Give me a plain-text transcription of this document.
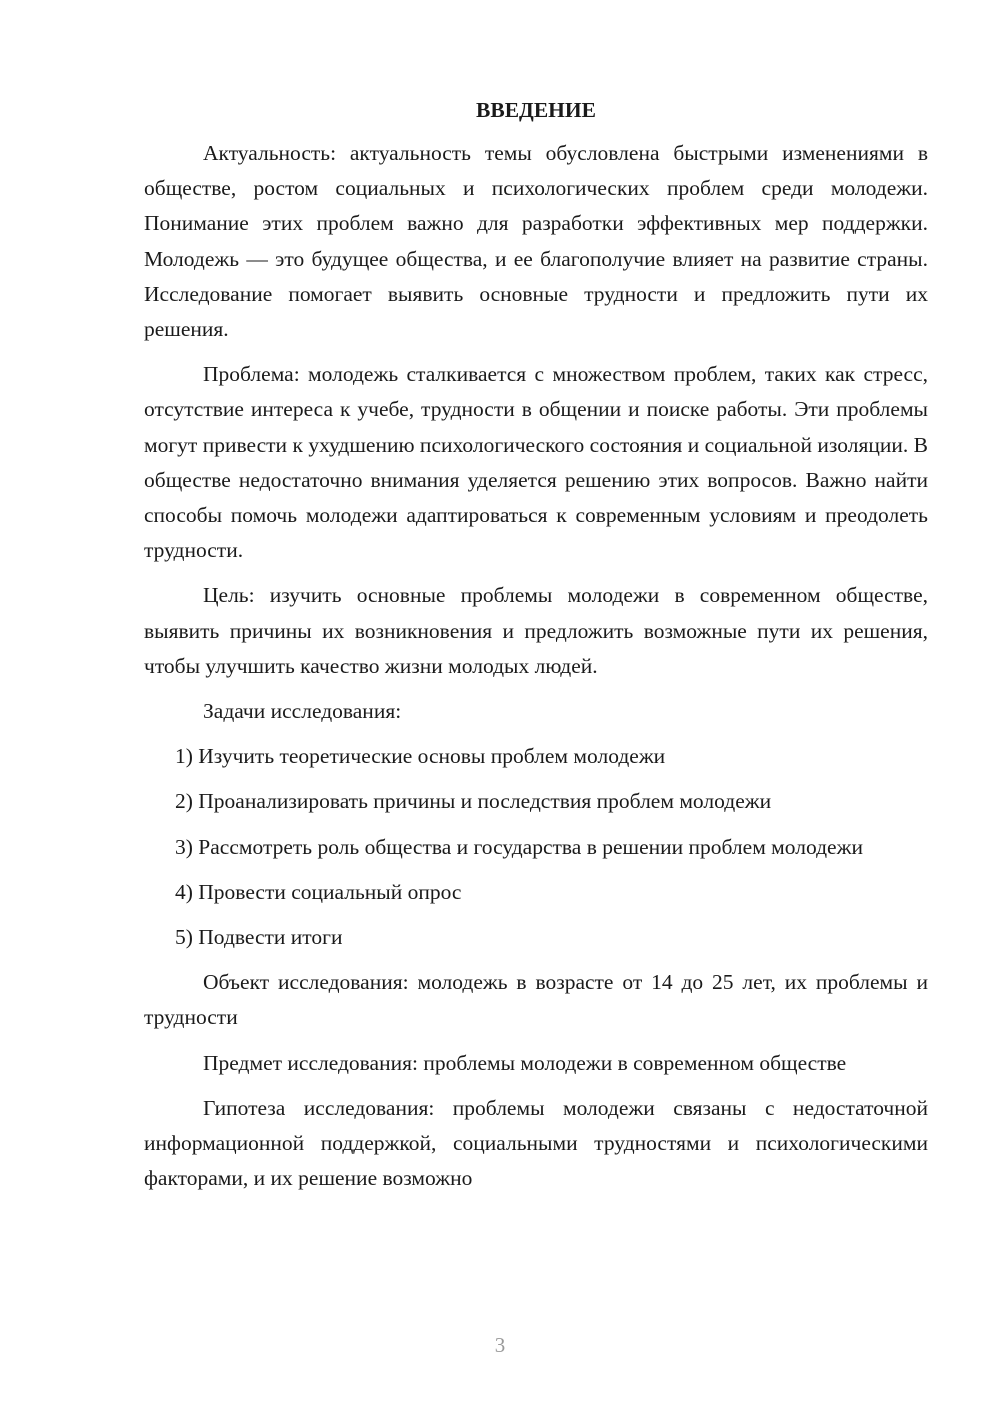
ВВЕДЕНИЕ

Актуальность: актуальность темы обусловлена быстрыми изменениями в обществе, ростом социальных и психологических проблем среди молодежи. Понимание этих проблем важно для разработки эффективных мер поддержки. Молодежь — это будущее общества, и ее благополучие влияет на развитие страны. Исследование помогает выявить основные трудности и предложить пути их решения.

Проблема: молодежь сталкивается с множеством проблем, таких как стресс, отсутствие интереса к учебе, трудности в общении и поиске работы. Эти проблемы могут привести к ухудшению психологического состояния и социальной изоляции. В обществе недостаточно внимания уделяется решению этих вопросов. Важно найти способы помочь молодежи адаптироваться к современным условиям и преодолеть трудности.

Цель: изучить основные проблемы молодежи в современном обществе, выявить причины их возникновения и предложить возможные пути их решения, чтобы улучшить качество жизни молодых людей.

Задачи исследования:

1) Изучить теоретические основы проблем молодежи

2) Проанализировать причины и последствия проблем молодежи

3) Рассмотреть роль общества и государства в решении проблем молодежи

4) Провести социальный опрос

5) Подвести итоги

Объект исследования: молодежь в возрасте от 14 до 25 лет, их проблемы и трудности

Предмет исследования: проблемы молодежи в современном обществе

Гипотеза исследования: проблемы молодежи связаны с недостаточной информационной поддержкой, социальными трудностями и психологическими факторами, и их решение возможно

3
